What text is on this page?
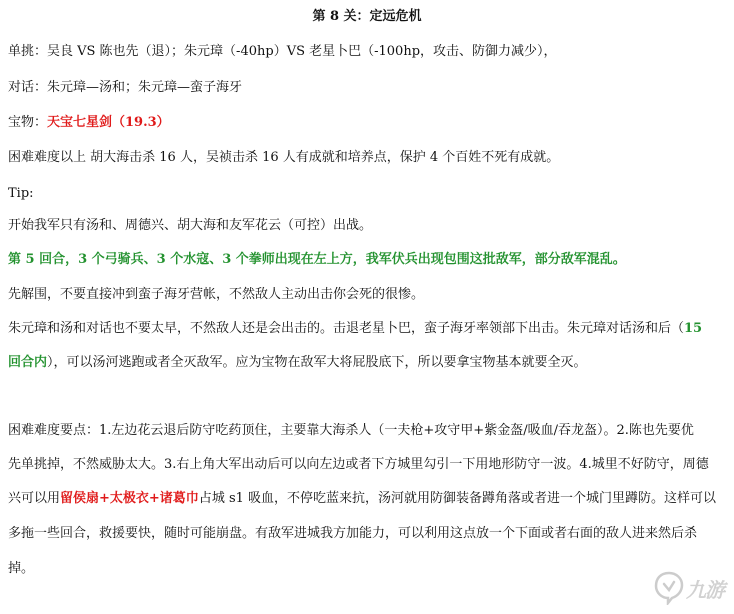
第 8 关：定远危机
单挑：吴良 VS 陈也先（退）；朱元璋（-40hp）VS 老星卜巴（-100hp，攻击、防御力减少），
对话：朱元璋—汤和；朱元璋—蛮子海牙
宝物：天宝七星剑（19.3）
困难难度以上 胡大海击杀 16 人，吴祯击杀 16 人有成就和培养点，保护 4 个百姓不死有成就。
Tip:
开始我军只有汤和、周德兴、胡大海和友军花云（可控）出战。
第 5 回合，3 个弓骑兵、3 个水寇、3 个拳师出现在左上方，我军伏兵出现包围这批敌军，部分敌军混乱。
先解围，不要直接冲到蛮子海牙营帐，不然敌人主动出击你会死的很惨。
朱元璋和汤和对话也不要太早，不然敌人还是会出击的。击退老星卜巴，蛮子海牙率领部下出击。朱元璋对话汤和后（15
回合内），可以汤河逃跑或者全灭敌军。应为宝物在敌军大将屁股底下，所以要拿宝物基本就要全灭。
困难难度要点：1.左边花云退后防守吃药顶住，主要靠大海杀人（一夫枪+攻守甲+紫金盔/吸血/吞龙盔）。2.陈也先要优
先单挑掉，不然威胁太大。3.右上角大军出动后可以向左边或者下方城里勾引一下用地形防守一波。4.城里不好防守，周德
兴可以用留侯扇+太极衣+诸葛巾占城 s1 吸血，不停吃蓝来抗，汤河就用防御装备蹲角落或者进一个城门里蹲防。这样可以
多拖一些回合，救援要快，随时可能崩盘。有敌军进城我方加能力，可以利用这点放一个下面或者右面的敌人进来然后杀
掉。
九游
